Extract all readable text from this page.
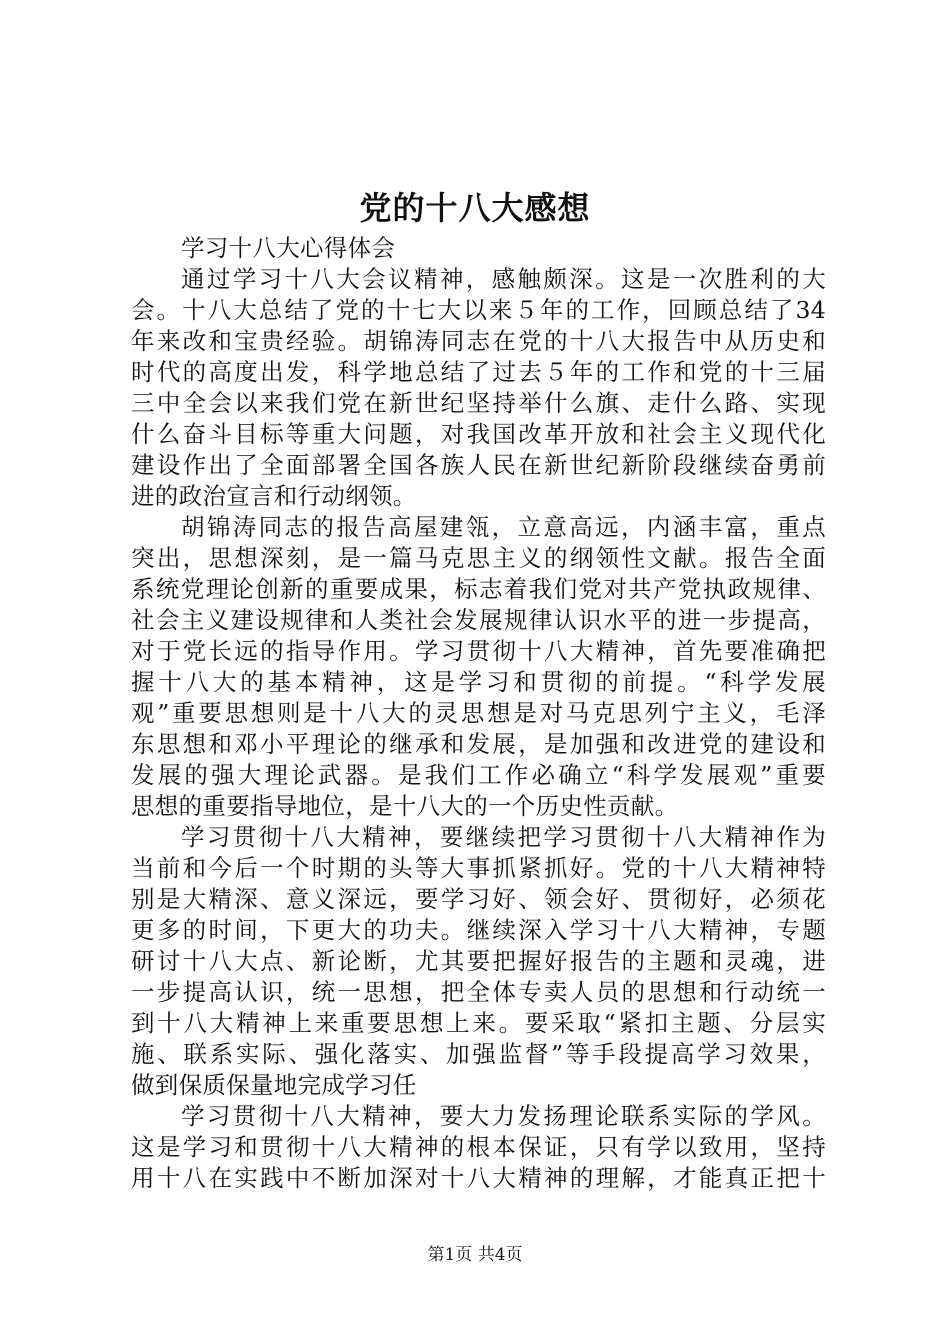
党的十八大感想
学习十八大心得体会
通过学习十八大会议精神，感触颇深。这是一次胜利的大
会。十八大总结了党的十七大以来５年的工作，回顾总结了34
年来改和宝贵经验。胡锦涛同志在党的十八大报告中从历史和
时代的高度出发，科学地总结了过去５年的工作和党的十三届
三中全会以来我们党在新世纪坚持举什么旗、走什么路、实现
什么奋斗目标等重大问题，对我国改革开放和社会主义现代化
建设作出了全面部署全国各族人民在新世纪新阶段继续奋勇前
进的政治宣言和行动纲领。
胡锦涛同志的报告高屋建瓴，立意高远，内涵丰富，重点
突出，思想深刻，是一篇马克思主义的纲领性文献。报告全面
系统党理论创新的重要成果，标志着我们党对共产党执政规律、
社会主义建设规律和人类社会发展规律认识水平的进一步提高，
对于党长远的指导作用。学习贯彻十八大精神，首先要准确把
握十八大的基本精神，这是学习和贯彻的前提。“科学发展
观”重要思想则是十八大的灵思想是对马克思列宁主义，毛泽
东思想和邓小平理论的继承和发展，是加强和改进党的建设和
发展的强大理论武器。是我们工作必确立“科学发展观”重要
思想的重要指导地位，是十八大的一个历史性贡献。
学习贯彻十八大精神，要继续把学习贯彻十八大精神作为
当前和今后一个时期的头等大事抓紧抓好。党的十八大精神特
别是大精深、意义深远，要学习好、领会好、贯彻好，必须花
更多的时间，下更大的功夫。继续深入学习十八大精神，专题
研讨十八大点、新论断，尤其要把握好报告的主题和灵魂，进
一步提高认识，统一思想，把全体专卖人员的思想和行动统一
到十八大精神上来重要思想上来。要采取“紧扣主题、分层实
施、联系实际、强化落实、加强监督”等手段提高学习效果，
做到保质保量地完成学习任
学习贯彻十八大精神，要大力发扬理论联系实际的学风。
这是学习和贯彻十八大精神的根本保证，只有学以致用，坚持
用十八在实践中不断加深对十八大精神的理解，才能真正把十
第1页 共4页
